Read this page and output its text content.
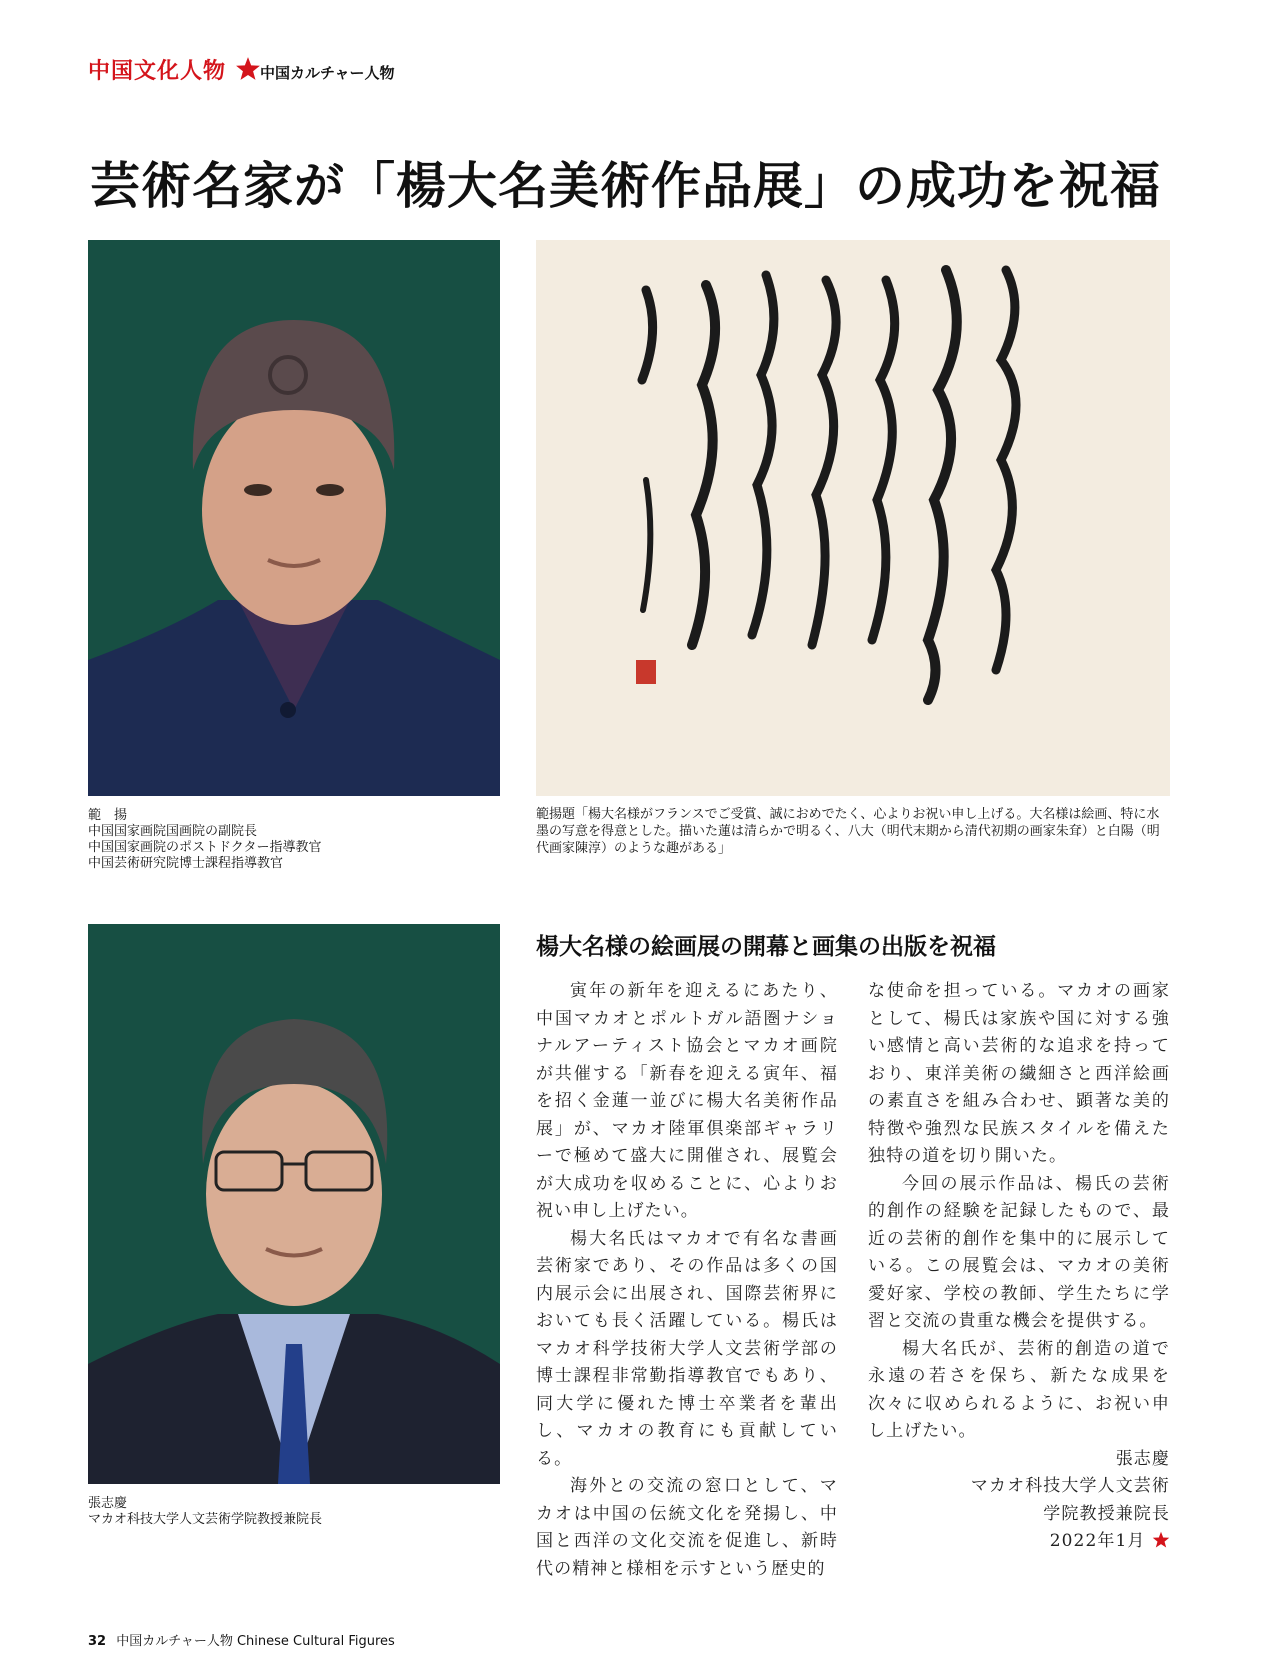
中国文化人物	中国カルチャー人物
芸術名家が「楊大名美術作品展」の成功を祝福
範　揚
中国国家画院国画院の副院長
中国国家画院のポストドクター指導教官
中国芸術研究院博士課程指導教官
範揚題「楊大名様がフランスでご受賞、誠におめでたく、心よりお祝い申し上げる。大名様は絵画、特に水墨の写意を得意とした。描いた蓮は清らかで明るく、八大（明代末期から清代初期の画家朱耷）と白陽（明代画家陳淳）のような趣がある」
張志慶
マカオ科技大学人文芸術学院教授兼院長
楊大名様の絵画展の開幕と画集の出版を祝福

寅年の新年を迎えるにあたり、中国マカオとポルトガル語圏ナショナルアーティスト協会とマカオ画院が共催する「新春を迎える寅年、福を招く金蓮一並びに楊大名美術作品展」が、マカオ陸軍倶楽部ギャラリーで極めて盛大に開催され、展覧会が大成功を収めることに、心よりお祝い申し上げたい。

楊大名氏はマカオで有名な書画芸術家であり、その作品は多くの国内展示会に出展され、国際芸術界においても長く活躍している。楊氏はマカオ科学技術大学人文芸術学部の博士課程非常勤指導教官でもあり、同大学に優れた博士卒業者を輩出し、マカオの教育にも貢献している。

海外との交流の窓口として、マカオは中国の伝統文化を発揚し、中国と西洋の文化交流を促進し、新時代の精神と様相を示すという歴史的

な使命を担っている。マカオの画家として、楊氏は家族や国に対する強い感情と高い芸術的な追求を持っており、東洋美術の繊細さと西洋絵画の素直さを組み合わせ、顕著な美的特徴や強烈な民族スタイルを備えた独特の道を切り開いた。

今回の展示作品は、楊氏の芸術的創作の経験を記録したもので、最近の芸術的創作を集中的に展示している。この展覧会は、マカオの美術愛好家、学校の教師、学生たちに学習と交流の貴重な機会を提供する。

楊大名氏が、芸術的創造の道で永遠の若さを保ち、新たな成果を次々に収められるように、お祝い申し上げたい。

張志慶

マカオ科技大学人文芸術

学院教授兼院長

2022年1月

32 中国カルチャー人物 Chinese Cultural Figures
